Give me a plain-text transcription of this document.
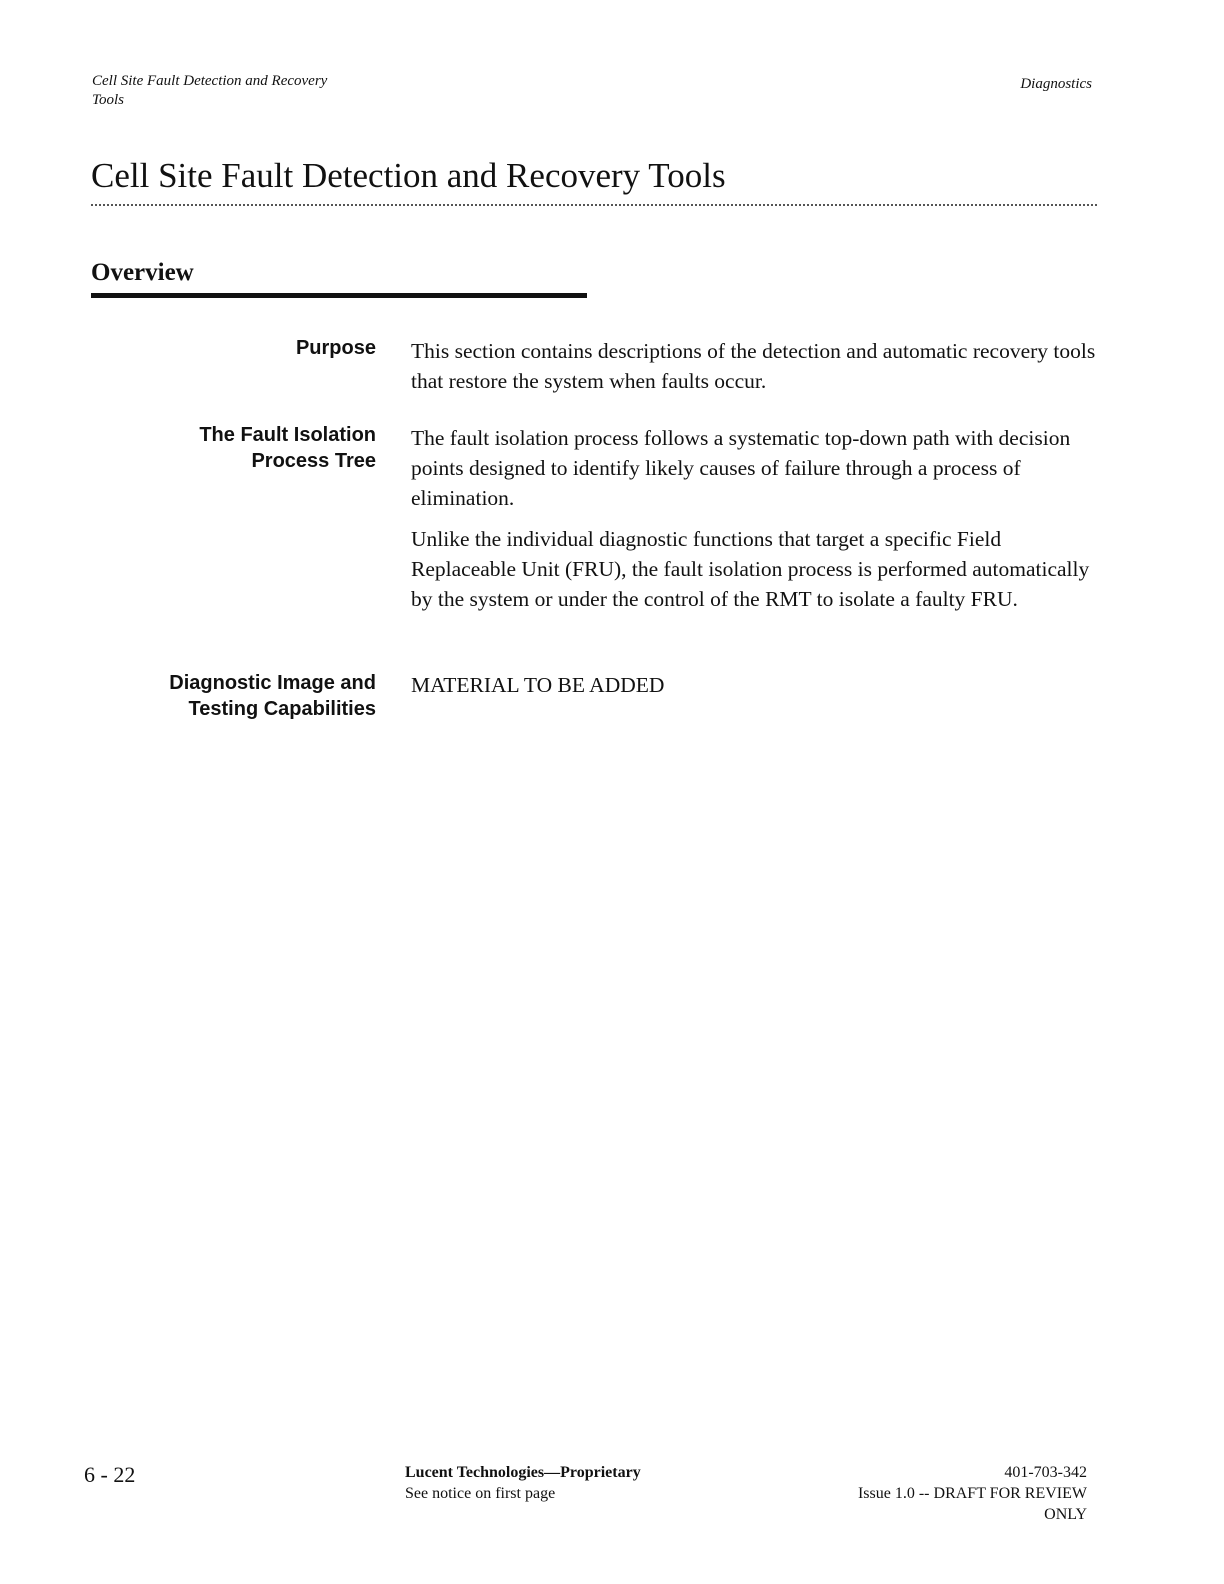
Cell Site Fault Detection and Recovery
Tools
Diagnostics
Cell Site Fault Detection and Recovery Tools
Overview
Purpose This section contains descriptions of the detection and automatic recovery tools that restore the system when faults occur.

The Fault Isolation
Process Tree

The fault isolation process follows a systematic top-down path with decision points designed to identify likely causes of failure through a process of elimination.

Unlike the individual diagnostic functions that target a specific Field Replaceable Unit (FRU), the fault isolation process is performed automatically by the system or under the control of the RMT to isolate a faulty FRU.

Diagnostic Image and
Testing Capabilities

MATERIAL TO BE ADDED

6 - 22	Lucent Technologies—Proprietary
See notice on first page
401-703-342
Issue 1.0 -- DRAFT FOR REVIEW
ONLY
